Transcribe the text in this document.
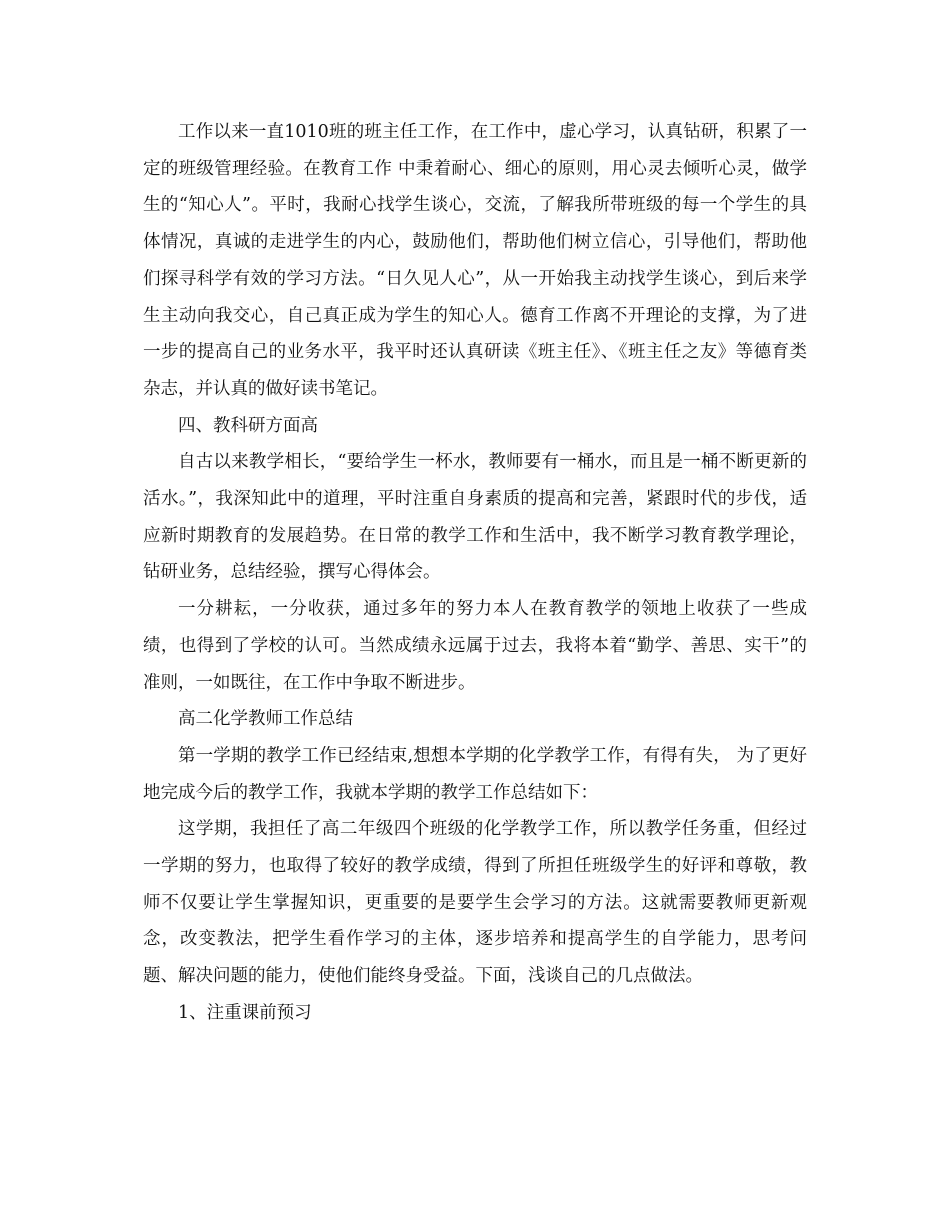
工作以来一直1010班的班主任工作，在工作中，虚心学习，认真钻研，积累了一定的班级管理经验。在教育工作 中秉着耐心、细心的原则，用心灵去倾听心灵，做学生的“知心人”。平时，我耐心找学生谈心，交流，了解我所带班级的每一个学生的具体情况，真诚的走进学生的内心，鼓励他们，帮助他们树立信心，引导他们，帮助他们探寻科学有效的学习方法。“日久见人心”，从一开始我主动找学生谈心，到后来学生主动向我交心，自己真正成为学生的知心人。德育工作离不开理论的支撑，为了进一步的提高自己的业务水平，我平时还认真研读《班主任》、《班主任之友》等德育类杂志，并认真的做好读书笔记。

四、教科研方面高

自古以来教学相长，“要给学生一杯水，教师要有一桶水，而且是一桶不断更新的活水。”，我深知此中的道理，平时注重自身素质的提高和完善，紧跟时代的步伐，适应新时期教育的发展趋势。在日常的教学工作和生活中，我不断学习教育教学理论，钻研业务，总结经验，撰写心得体会。

一分耕耘，一分收获，通过多年的努力本人在教育教学的领地上收获了一些成绩，也得到了学校的认可。当然成绩永远属于过去，我将本着“勤学、善思、实干”的准则，一如既往，在工作中争取不断进步。

高二化学教师工作总结

第一学期的教学工作已经结束,想想本学期的化学教学工作，有得有失， 为了更好地完成今后的教学工作，我就本学期的教学工作总结如下：

这学期，我担任了高二年级四个班级的化学教学工作，所以教学任务重，但经过一学期的努力，也取得了较好的教学成绩，得到了所担任班级学生的好评和尊敬，教师不仅要让学生掌握知识，更重要的是要学生会学习的方法。这就需要教师更新观念，改变教法，把学生看作学习的主体，逐步培养和提高学生的自学能力，思考问题、解决问题的能力，使他们能终身受益。下面，浅谈自己的几点做法。

1、注重课前预习
